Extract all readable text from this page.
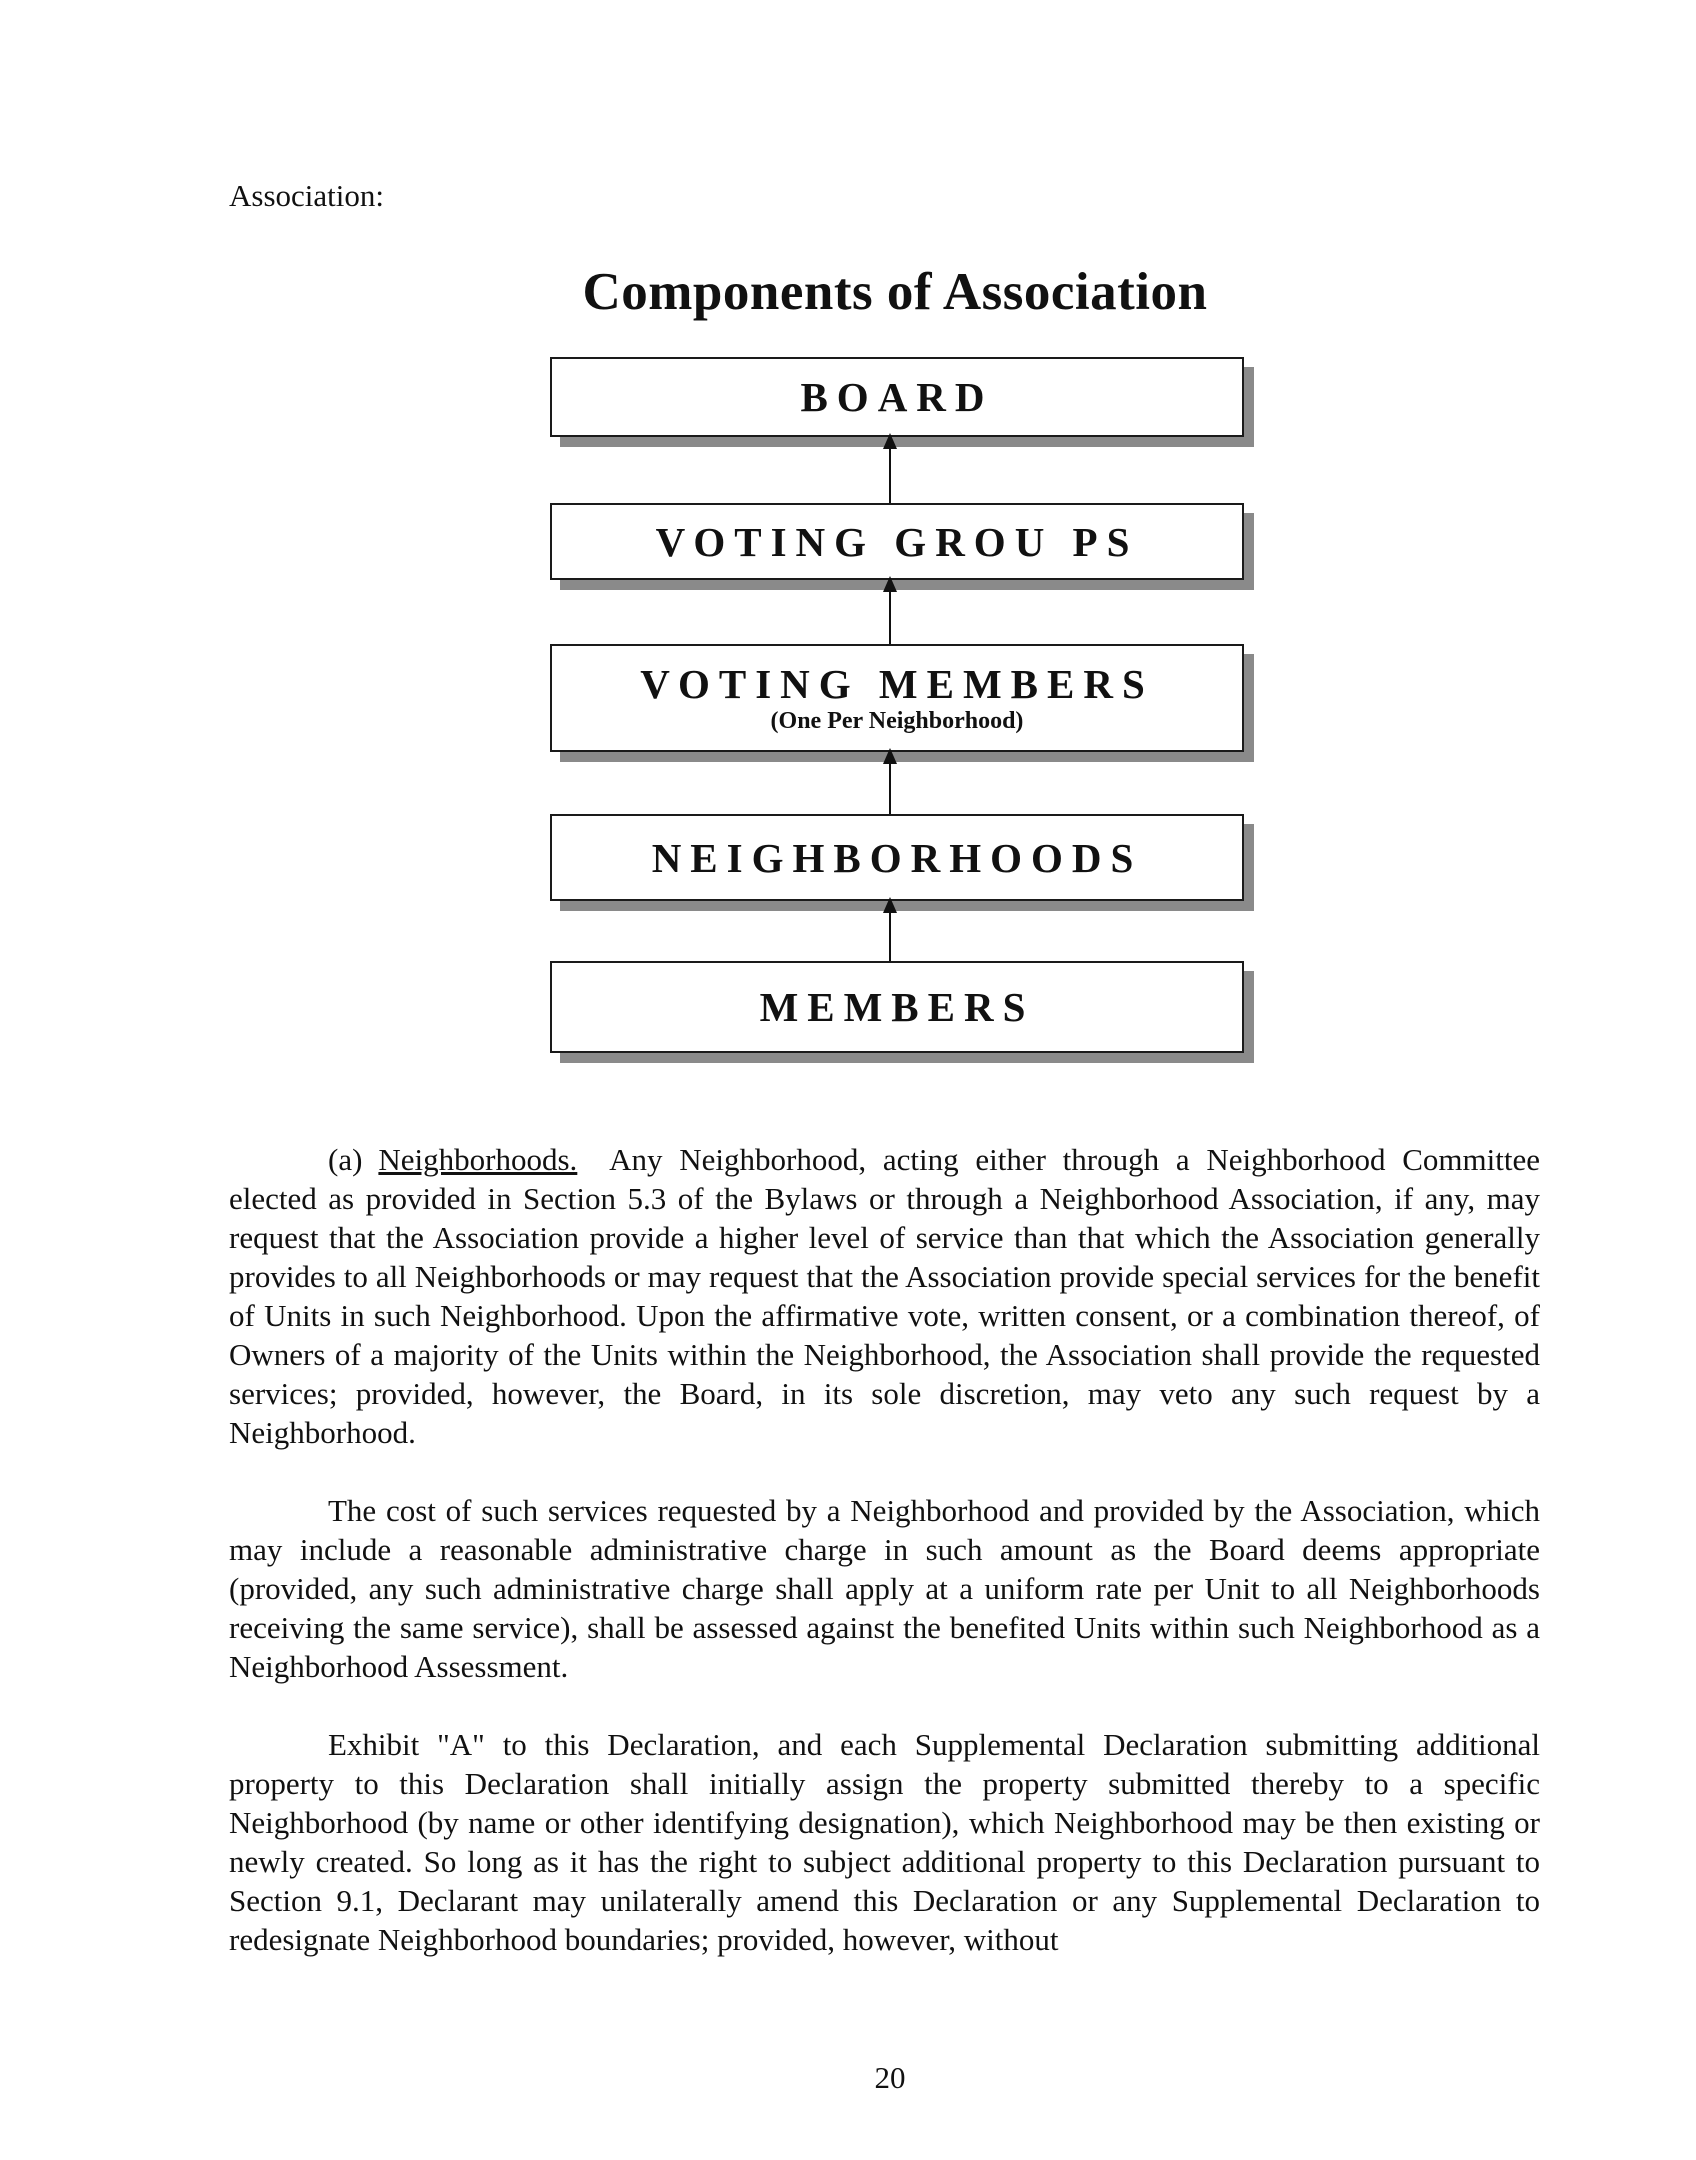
Association:

Components of Association
BOARD
VOTING GROU PS
VOTING MEMBERS
(One Per Neighborhood)
NEIGHBORHOODS
MEMBERS

(a) Neighborhoods. Any Neighborhood, acting either through a Neighborhood Committee elected as provided in Section 5.3 of the Bylaws or through a Neighborhood Association, if any, may request that the Association provide a higher level of service than that which the Association generally provides to all Neighborhoods or may request that the Association provide special services for the benefit of Units in such Neighborhood. Upon the affirmative vote, written consent, or a combination thereof, of Owners of a majority of the Units within the Neighborhood, the Association shall provide the requested services; provided, however, the Board, in its sole discretion, may veto any such request by a Neighborhood.

The cost of such services requested by a Neighborhood and provided by the Association, which may include a reasonable administrative charge in such amount as the Board deems appropriate (provided, any such administrative charge shall apply at a uniform rate per Unit to all Neighborhoods receiving the same service), shall be assessed against the benefited Units within such Neighborhood as a Neighborhood Assessment.

Exhibit "A" to this Declaration, and each Supplemental Declaration submitting additional property to this Declaration shall initially assign the property submitted thereby to a specific Neighborhood (by name or other identifying designation), which Neighborhood may be then existing or newly created. So long as it has the right to subject additional property to this Declaration pursuant to Section 9.1, Declarant may unilaterally amend this Declaration or any Supplemental Declaration to redesignate Neighborhood boundaries; provided, however, without

20
